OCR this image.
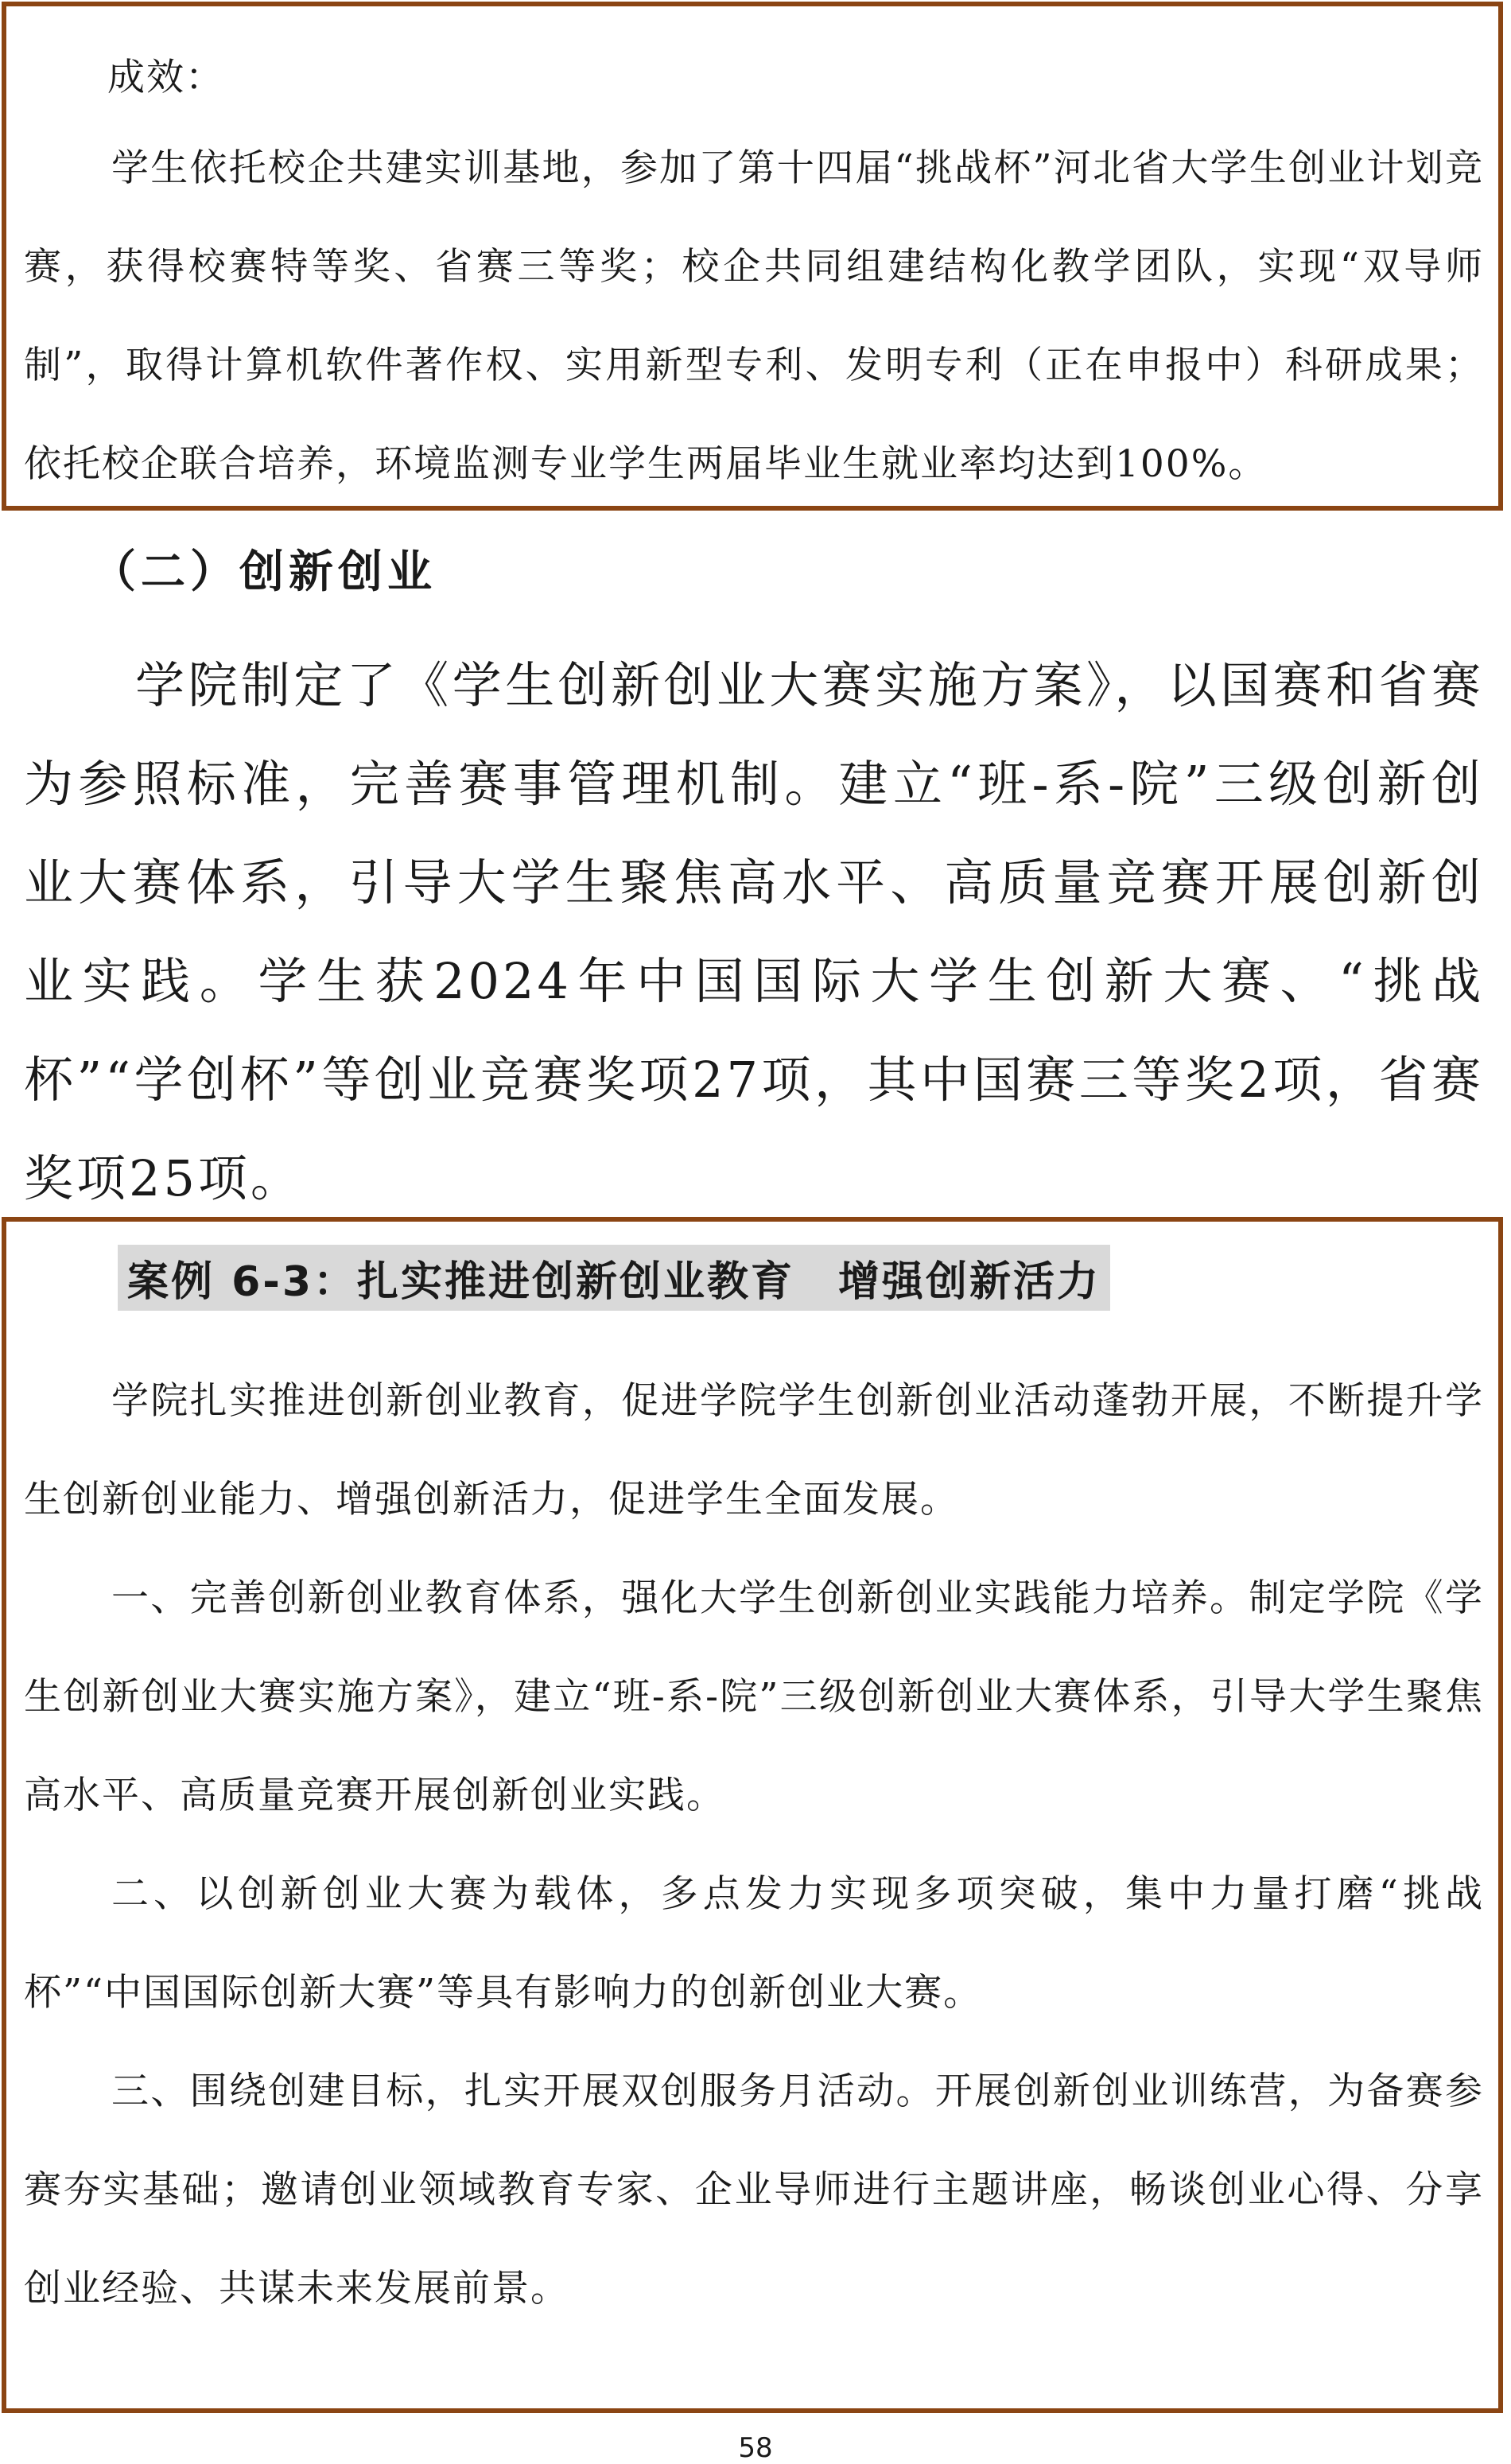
成效：

学生依托校企共建实训基地，参加了第十四届“挑战杯”河北省大学生创业计划竞赛，获得校赛特等奖、省赛三等奖；校企共同组建结构化教学团队，实现“双导师制”，取得计算机软件著作权、实用新型专利、发明专利（正在申报中）科研成果；依托校企联合培养，环境监测专业学生两届毕业生就业率均达到100%。

（二）创新创业

学院制定了《学生创新创业大赛实施方案》，以国赛和省赛为参照标准，完善赛事管理机制。建立“班-系-院”三级创新创业大赛体系，引导大学生聚焦高水平、高质量竞赛开展创新创业实践。学生获2024年中国国际大学生创新大赛、“挑战杯”“学创杯”等创业竞赛奖项27项，其中国赛三等奖2项，省赛奖项25项。

案例 6-3：扎实推进创新创业教育　增强创新活力

学院扎实推进创新创业教育，促进学院学生创新创业活动蓬勃开展，不断提升学生创新创业能力、增强创新活力，促进学生全面发展。

一、完善创新创业教育体系，强化大学生创新创业实践能力培养。制定学院《学生创新创业大赛实施方案》，建立“班-系-院”三级创新创业大赛体系，引导大学生聚焦高水平、高质量竞赛开展创新创业实践。

二、以创新创业大赛为载体，多点发力实现多项突破，集中力量打磨“挑战杯”“中国国际创新大赛”等具有影响力的创新创业大赛。

三、围绕创建目标，扎实开展双创服务月活动。开展创新创业训练营，为备赛参赛夯实基础；邀请创业领域教育专家、企业导师进行主题讲座，畅谈创业心得、分享创业经验、共谋未来发展前景。

58
